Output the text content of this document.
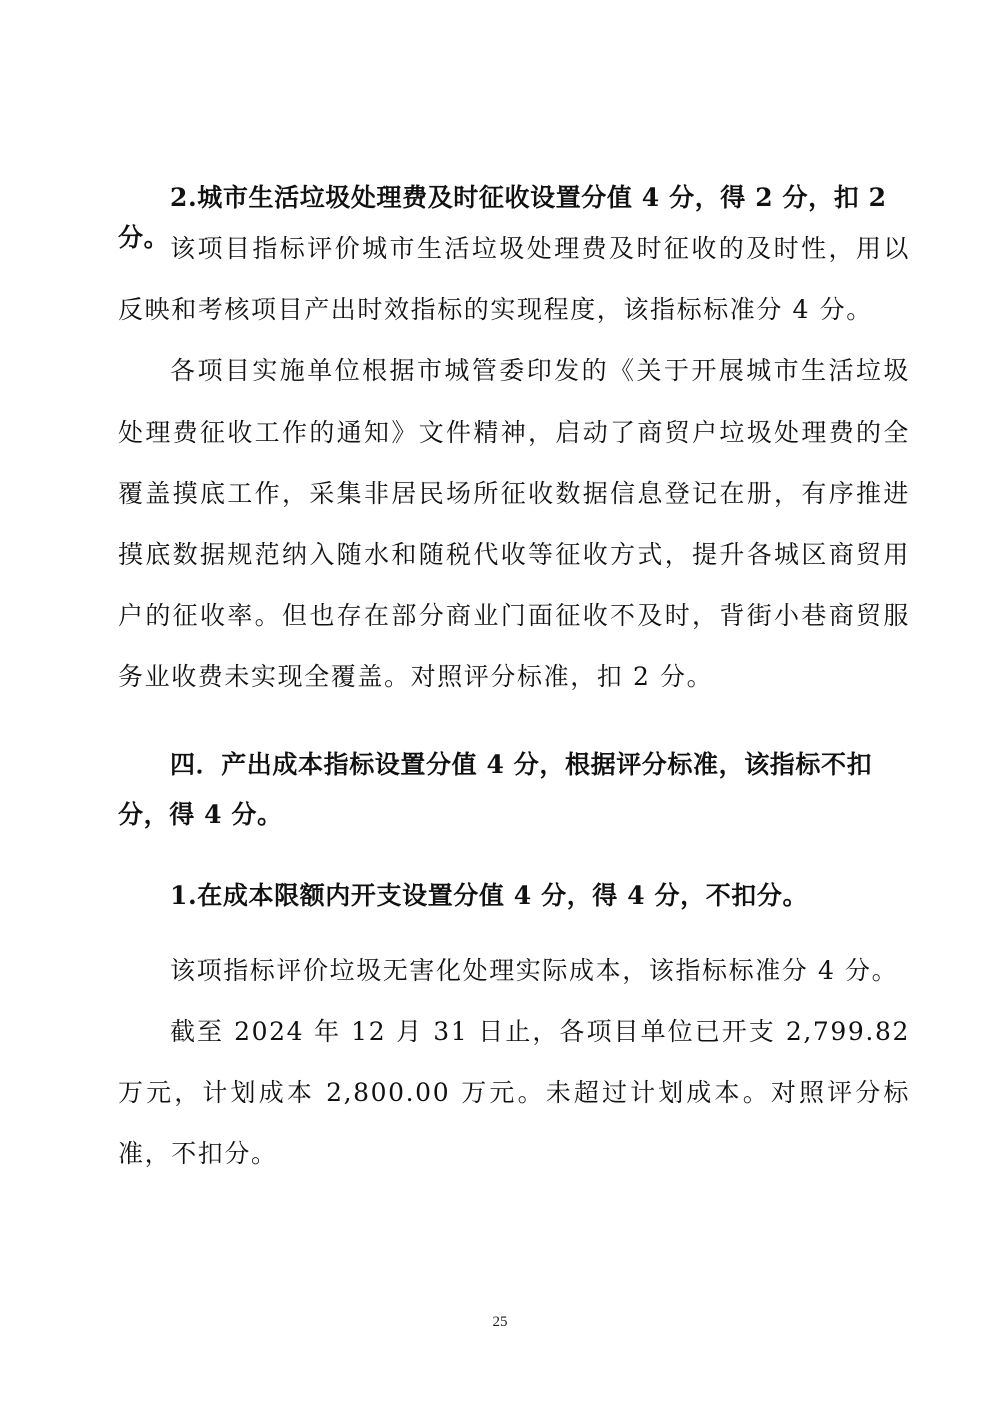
2.城市生活垃圾处理费及时征收设置分值 4 分，得 2 分，扣 2 分。 该项目指标评价城市生活垃圾处理费及时征收的及时性，用以反映和考核项目产出时效指标的实现程度，该指标标准分 4 分。

各项目实施单位根据市城管委印发的《关于开展城市生活垃圾处理费征收工作的通知》文件精神，启动了商贸户垃圾处理费的全覆盖摸底工作，采集非居民场所征收数据信息登记在册，有序推进摸底数据规范纳入随水和随税代收等征收方式，提升各城区商贸用户的征收率。但也存在部分商业门面征收不及时，背街小巷商贸服务业收费未实现全覆盖。对照评分标准，扣 2 分。

四．产出成本指标设置分值 4 分，根据评分标准，该指标不扣分，得 4 分。

1.在成本限额内开支设置分值 4 分，得 4 分，不扣分。

该项指标评价垃圾无害化处理实际成本，该指标标准分 4 分。

截至 2024 年 12 月 31 日止，各项目单位已开支 2,799.82 万元，计划成本 2,800.00 万元。未超过计划成本。对照评分标准，不扣分。

25
